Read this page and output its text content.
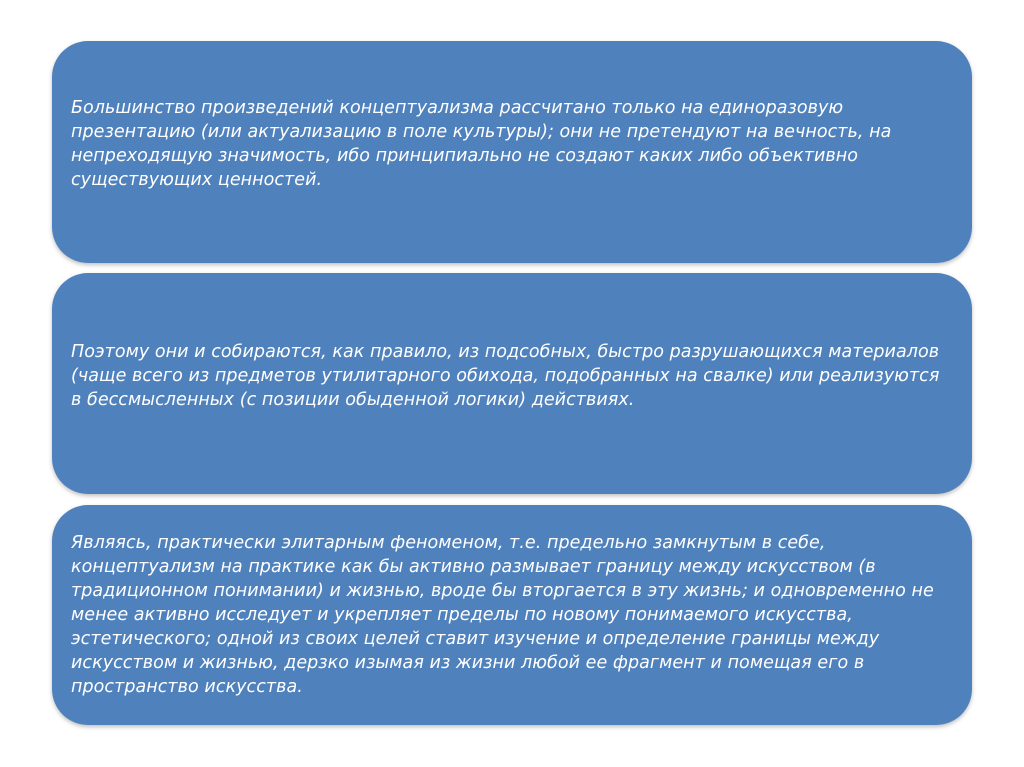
Большинство произведений концептуализма рассчитано только на единоразовую презентацию (или актуализацию в поле культуры); они не претендуют на вечность, на непреходящую значимость, ибо принципиально не создают каких либо объективно существующих ценностей.

Поэтому они и собираются, как правило, из подсобных, быстро разрушающихся материалов (чаще всего из предметов утилитарного обихода, подобранных на свалке) или реализуются в бессмысленных (с позиции обыденной логики) действиях.

Являясь, практически элитарным феноменом, т.е. предельно замкнутым в себе, концептуализм на практике как бы активно размывает границу между искусством (в традиционном понимании) и жизнью, вроде бы вторгается в эту жизнь; и одновременно не менее активно исследует и укрепляет пределы по новому понимаемого искусства, эстетического; одной из своих целей ставит изучение и определение границы между искусством и жизнью, дерзко изымая из жизни любой ее фрагмент и помещая его в пространство искусства.
